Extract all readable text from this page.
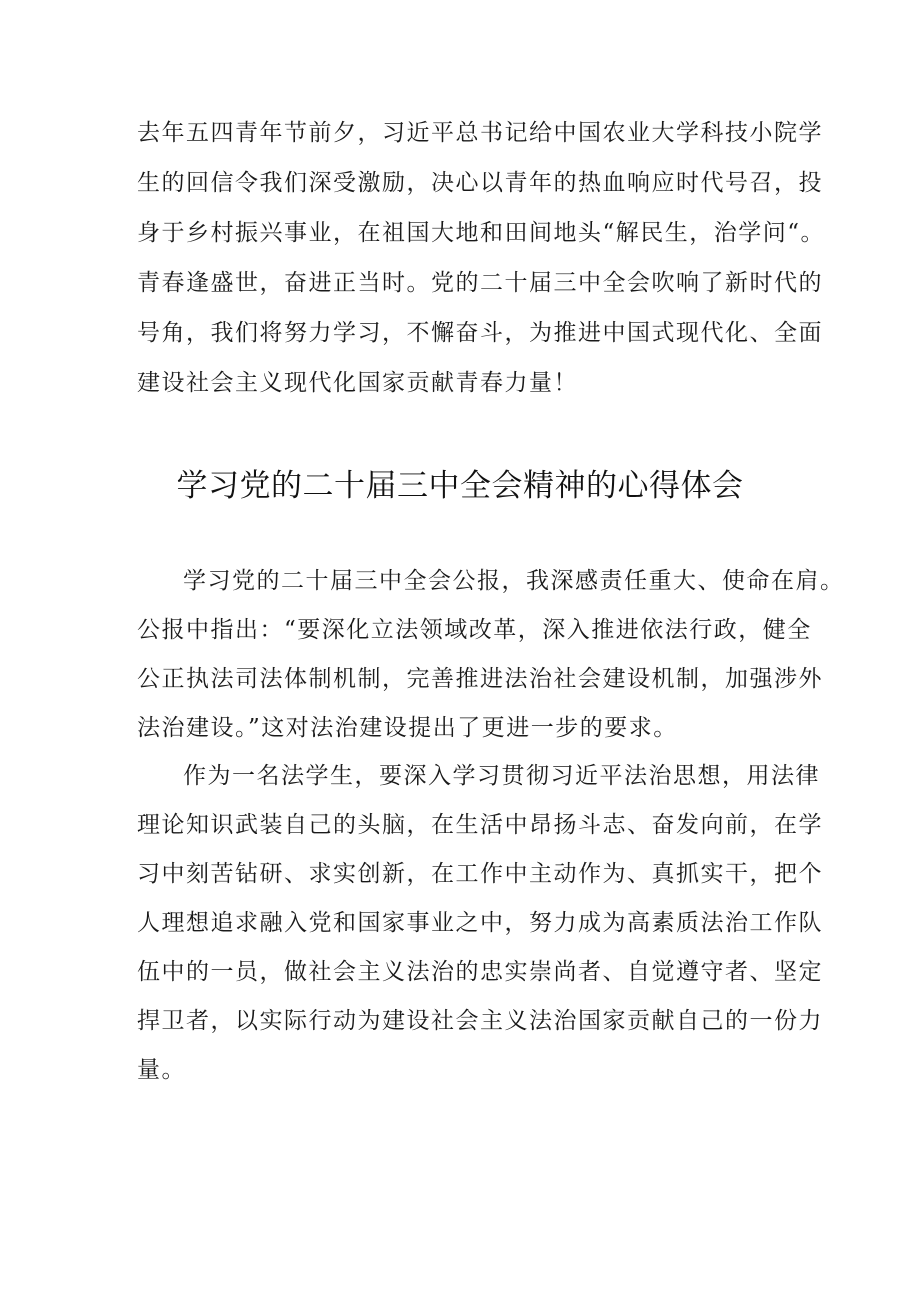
去年五四青年节前夕，习近平总书记给中国农业大学科技小院学
生的回信令我们深受激励，决心以青年的热血响应时代号召，投
身于乡村振兴事业，在祖国大地和田间地头“解民生，治学问“。
青春逢盛世，奋进正当时。党的二十届三中全会吹响了新时代的
号角，我们将努力学习，不懈奋斗，为推进中国式现代化、全面
建设社会主义现代化国家贡献青春力量！
学习党的二十届三中全会精神的心得体会
学习党的二十届三中全会公报，我深感责任重大、使命在肩。
公报中指出：“要深化立法领域改革，深入推进依法行政，健全
公正执法司法体制机制，完善推进法治社会建设机制，加强涉外
法治建设。”这对法治建设提出了更进一步的要求。
作为一名法学生，要深入学习贯彻习近平法治思想，用法律
理论知识武装自己的头脑，在生活中昂扬斗志、奋发向前，在学
习中刻苦钻研、求实创新，在工作中主动作为、真抓实干，把个
人理想追求融入党和国家事业之中，努力成为高素质法治工作队
伍中的一员，做社会主义法治的忠实崇尚者、自觉遵守者、坚定
捍卫者，以实际行动为建设社会主义法治国家贡献自己的一份力
量。
